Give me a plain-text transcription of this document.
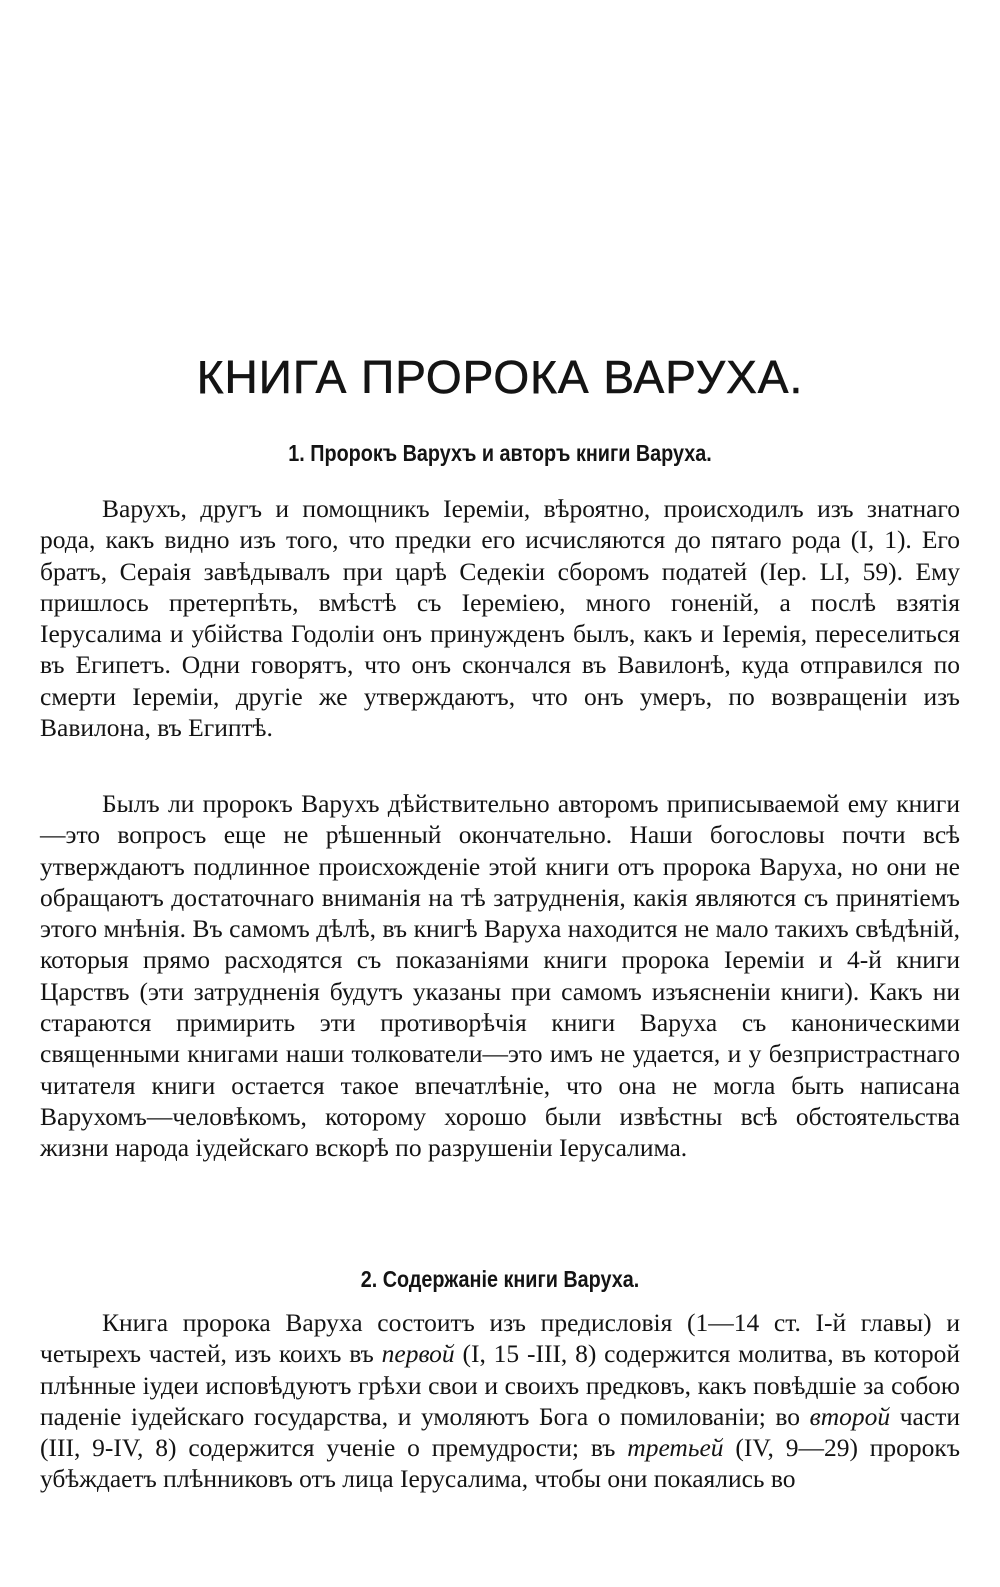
КНИГА ПРОРОКА ВАРУХА.
1. Пророкъ Варухъ и авторъ книги Варуха.

Варухъ, другъ и помощникъ Іереміи, вѣроятно, происходилъ изъ знатнаго рода, какъ видно изъ того, что предки его исчисляются до пятаго рода (I, 1). Его братъ, Сераія завѣдывалъ при царѣ Седекіи сборомъ податей (Іер. LI, 59). Ему пришлось претерпѣть, вмѣстѣ съ Іереміею, много гоненій, а послѣ взятія Іерусалима и убійства Годоліи онъ принужденъ былъ, какъ и Іеремія, переселиться въ Египетъ. Одни говорятъ, что онъ скончался въ Вавилонѣ, куда отправился по смерти Іереміи, другіе же утверждаютъ, что онъ умеръ, по возвращеніи изъ Вавилона, въ Египтѣ.

Былъ ли пророкъ Варухъ дѣйствительно авторомъ приписываемой ему книги—это вопросъ еще не рѣшенный окончательно. Наши богословы почти всѣ утверждаютъ подлинное происхожденіе этой книги отъ пророка Варуха, но они не обращаютъ достаточнаго вниманія на тѣ затрудненія, какія являются съ принятіемъ этого мнѣнія. Въ самомъ дѣлѣ, въ книгѣ Варуха находится не мало такихъ свѣдѣній, которыя прямо расходятся съ показаніями книги пророка Іереміи и 4-й книги Царствъ (эти затрудненія будутъ указаны при самомъ изъясненіи книги). Какъ ни стараются примирить эти противорѣчія книги Варуха съ каноническими священными книгами наши толкователи—это имъ не удается, и у безпристрастнаго читателя книги остается такое впечатлѣніе, что она не могла быть написана Варухомъ—человѣкомъ, которому хорошо были извѣстны всѣ обстоятельства жизни народа іудейскаго вскорѣ по разрушеніи Іерусалима.

2. Содержаніе книги Варуха.

Книга пророка Варуха состоитъ изъ предисловія (1—14 ст. I-й главы) и четырехъ частей, изъ коихъ въ первой (I, 15 -III, 8) содержится молитва, въ которой плѣнные іудеи исповѣдуютъ грѣхи свои и своихъ предковъ, какъ повѣдшіе за собою паденіе іудейскаго государства, и умоляютъ Бога о помилованіи; во второй части (III, 9-IV, 8) содержится ученіе о премудрости; въ третьей (IV, 9—29) пророкъ убѣждаетъ плѣнниковъ отъ лица Іерусалима, чтобы они покаялись во
